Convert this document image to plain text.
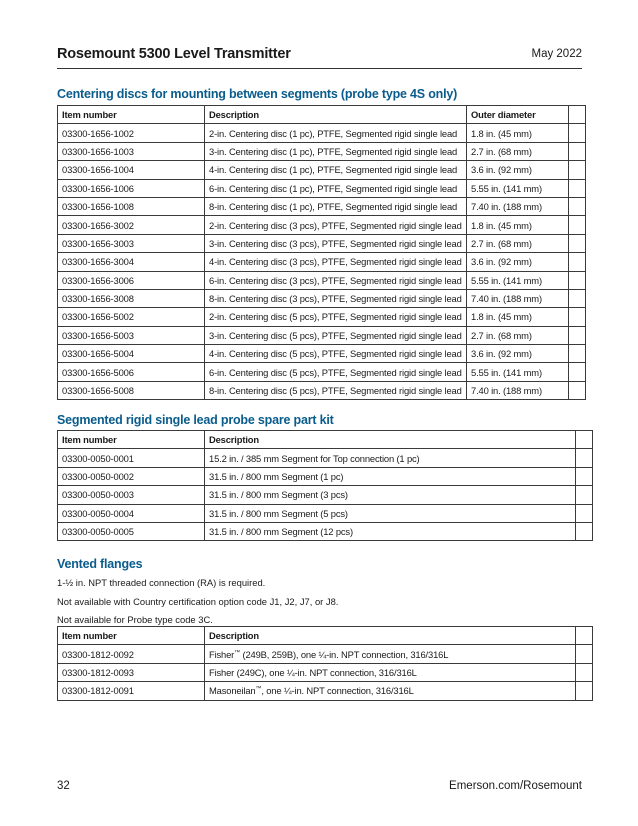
Rosemount 5300 Level Transmitter	May 2022
Centering discs for mounting between segments (probe type 4S only)
Item number	Description	Outer diameter	
03300-1656-1002	2-in. Centering disc (1 pc), PTFE, Segmented rigid single lead	1.8 in. (45 mm)	
03300-1656-1003	3-in. Centering disc (1 pc), PTFE, Segmented rigid single lead	2.7 in. (68 mm)	
03300-1656-1004	4-in. Centering disc (1 pc), PTFE, Segmented rigid single lead	3.6 in. (92 mm)	
03300-1656-1006	6-in. Centering disc (1 pc), PTFE, Segmented rigid single lead	5.55 in. (141 mm)	
03300-1656-1008	8-in. Centering disc (1 pc), PTFE, Segmented rigid single lead	7.40 in. (188 mm)	
03300-1656-3002	2-in. Centering disc (3 pcs), PTFE, Segmented rigid single lead	1.8 in. (45 mm)	
03300-1656-3003	3-in. Centering disc (3 pcs), PTFE, Segmented rigid single lead	2.7 in. (68 mm)	
03300-1656-3004	4-in. Centering disc (3 pcs), PTFE, Segmented rigid single lead	3.6 in. (92 mm)	
03300-1656-3006	6-in. Centering disc (3 pcs), PTFE, Segmented rigid single lead	5.55 in. (141 mm)	
03300-1656-3008	8-in. Centering disc (3 pcs), PTFE, Segmented rigid single lead	7.40 in. (188 mm)	
03300-1656-5002	2-in. Centering disc (5 pcs), PTFE, Segmented rigid single lead	1.8 in. (45 mm)	
03300-1656-5003	3-in. Centering disc (5 pcs), PTFE, Segmented rigid single lead	2.7 in. (68 mm)	
03300-1656-5004	4-in. Centering disc (5 pcs), PTFE, Segmented rigid single lead	3.6 in. (92 mm)	
03300-1656-5006	6-in. Centering disc (5 pcs), PTFE, Segmented rigid single lead	5.55 in. (141 mm)	
03300-1656-5008	8-in. Centering disc (5 pcs), PTFE, Segmented rigid single lead	7.40 in. (188 mm)	
Segmented rigid single lead probe spare part kit
Item number	Description	
03300-0050-0001	15.2 in. / 385 mm Segment for Top connection (1 pc)	
03300-0050-0002	31.5 in. / 800 mm Segment (1 pc)	
03300-0050-0003	31.5 in. / 800 mm Segment (3 pcs)	
03300-0050-0004	31.5 in. / 800 mm Segment (5 pcs)	
03300-0050-0005	31.5 in. / 800 mm Segment (12 pcs)	
Vented flanges

1-½ in. NPT threaded connection (RA) is required.

Not available with Country certification option code J1, J2, J7, or J8.

Not available for Probe type code 3C.

Item number	Description	
03300-1812-0092	Fisher™ (249B, 259B), one ¼-in. NPT connection, 316/316L	
03300-1812-0093	Fisher (249C), one ¼-in. NPT connection, 316/316L	
03300-1812-0091	Masoneilan™, one ¼-in. NPT connection, 316/316L	
32	Emerson.com/Rosemount
